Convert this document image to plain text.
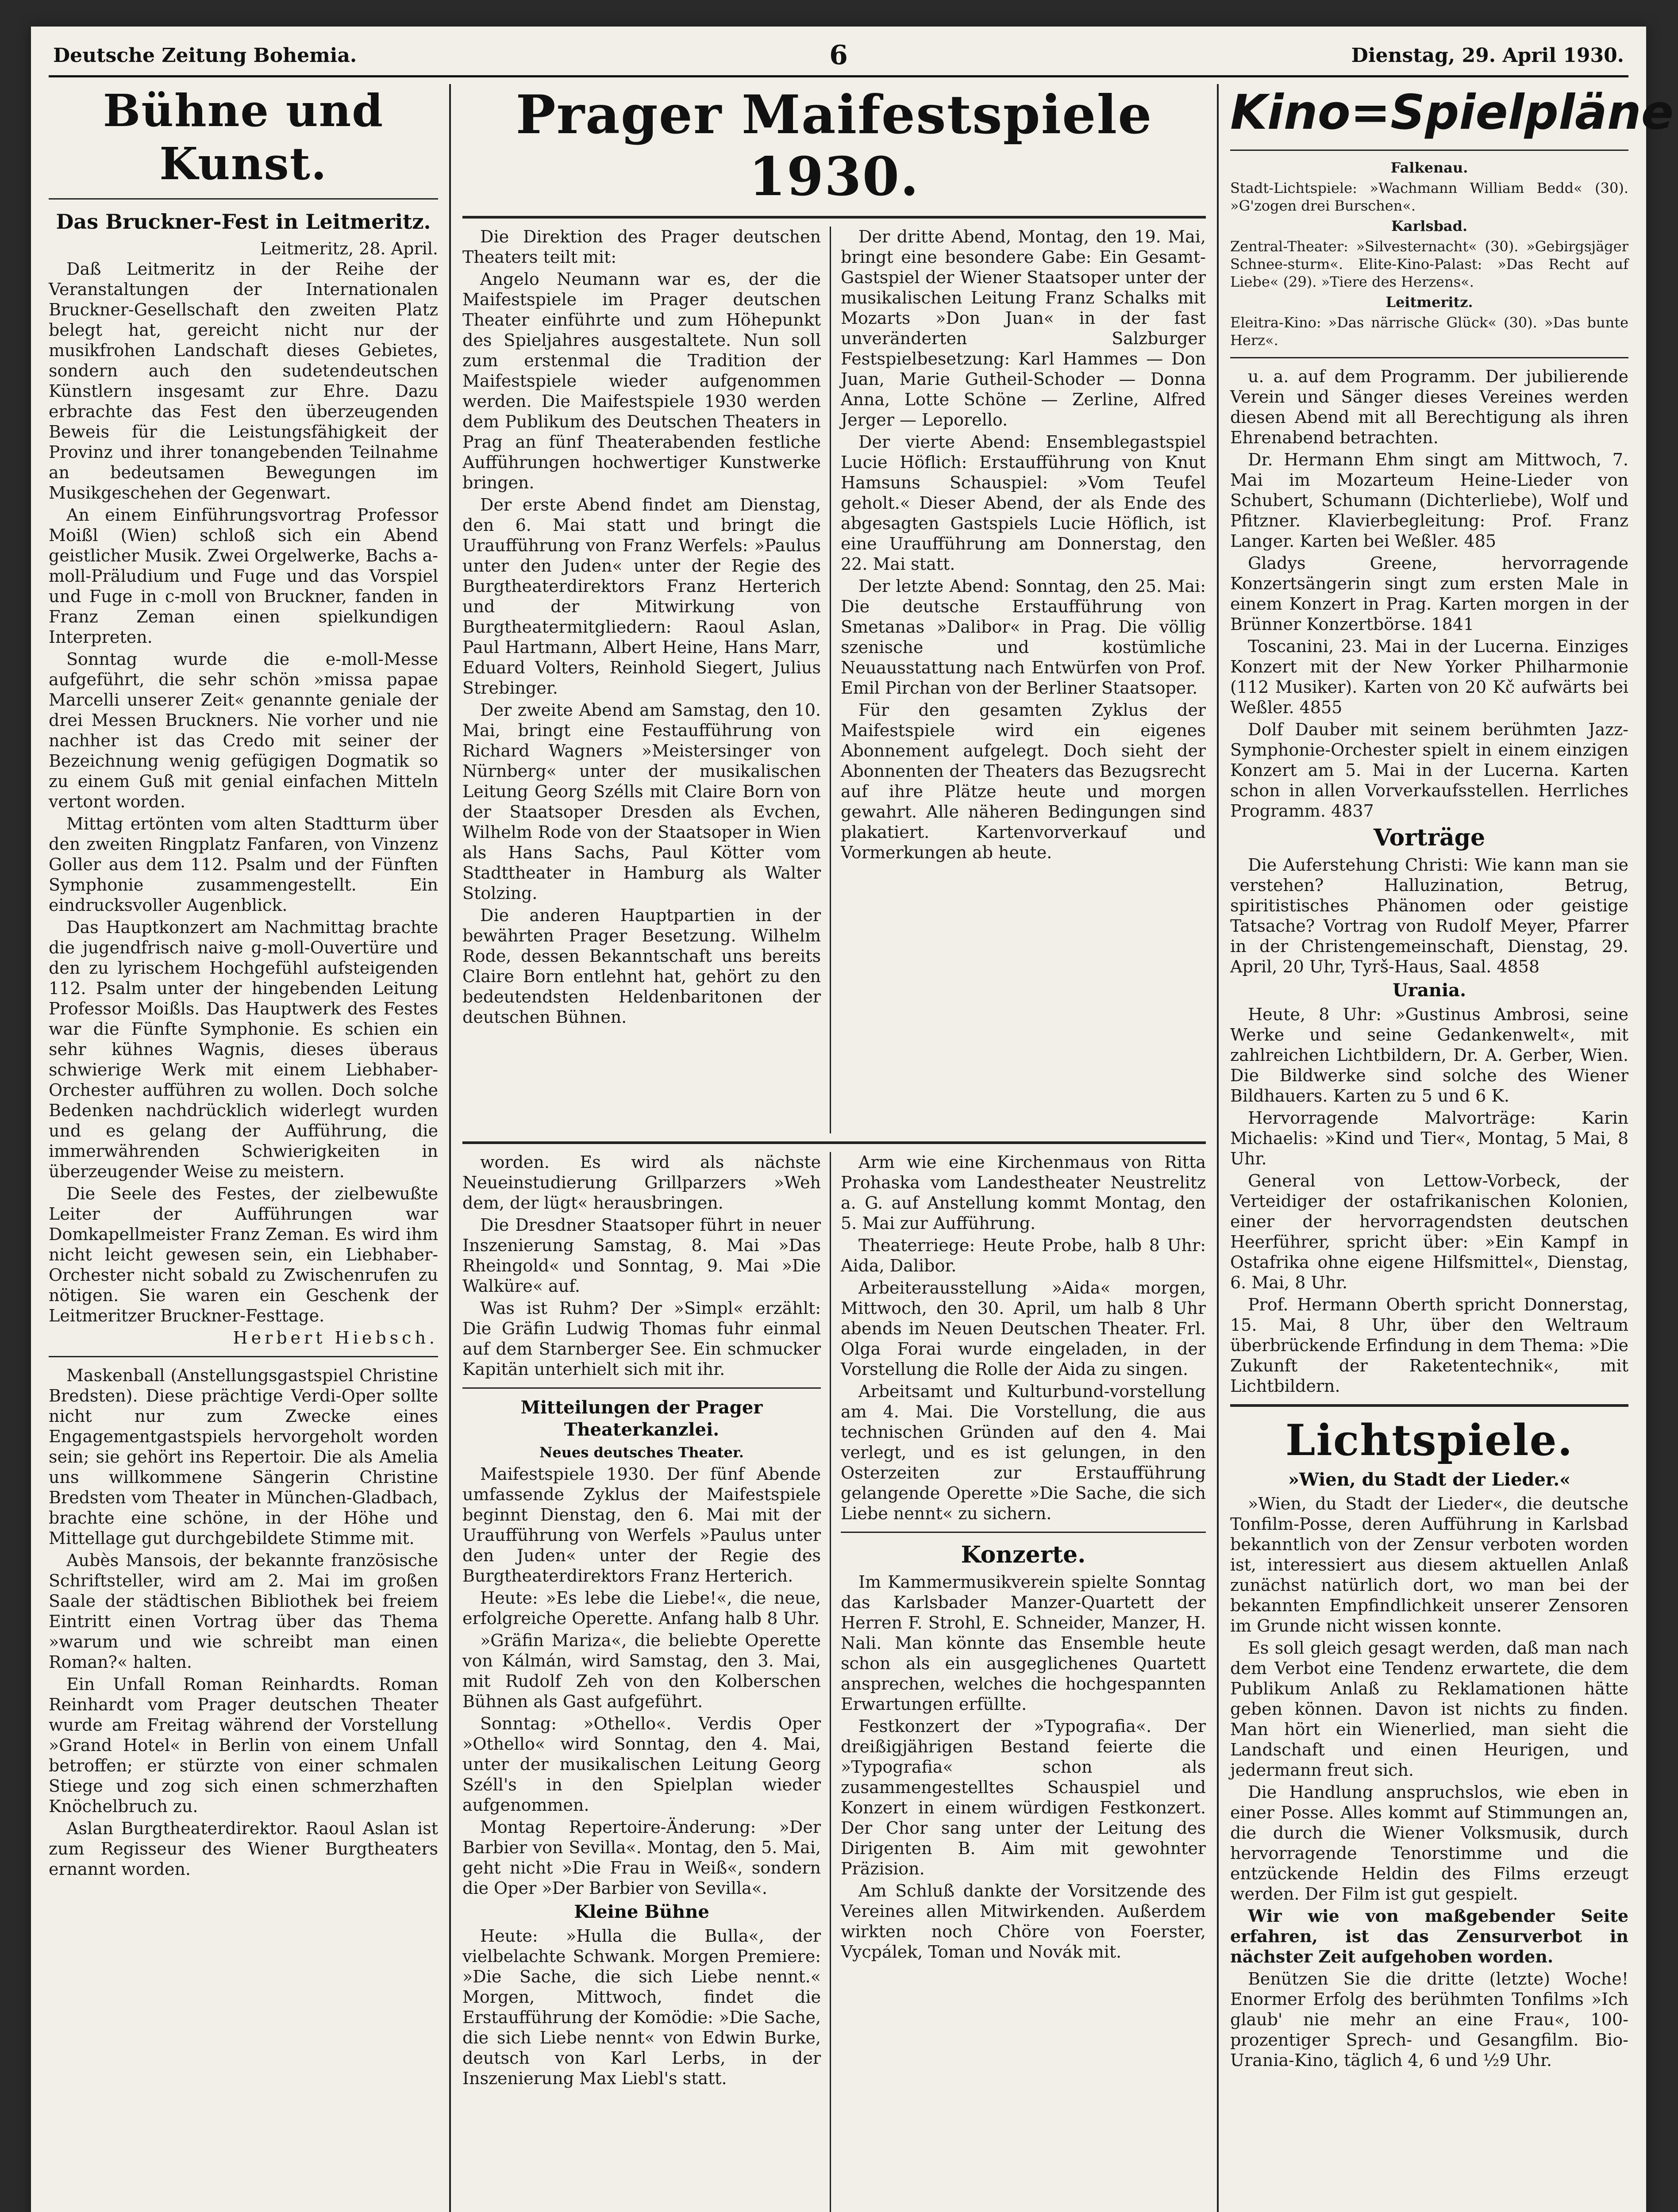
Deutsche Zeitung Bohemia.	6	Dienstag, 29. April 1930.
Bühne und Kunst.
Das Bruckner-Fest in Leitmeritz.
Leitmeritz, 28. April.

Daß Leitmeritz in der Reihe der Veranstaltungen der Internationalen Bruckner-Gesellschaft den zweiten Platz belegt hat, gereicht nicht nur der musikfrohen Landschaft dieses Gebietes, sondern auch den sudetendeutschen Künstlern insgesamt zur Ehre. Dazu erbrachte das Fest den überzeugenden Beweis für die Leistungsfähigkeit der Provinz und ihrer tonangebenden Teilnahme an bedeutsamen Bewegungen im Musikgeschehen der Gegenwart.

An einem Einführungsvortrag Professor Moißl (Wien) schloß sich ein Abend geistlicher Musik. Zwei Orgelwerke, Bachs a-moll-Präludium und Fuge und das Vorspiel und Fuge in c-moll von Bruckner, fanden in Franz Zeman einen spielkundigen Interpreten.

Sonntag wurde die e-moll-Messe aufgeführt, die sehr schön »missa papae Marcelli unserer Zeit« genannte geniale der drei Messen Bruckners. Nie vorher und nie nachher ist das Credo mit seiner der Bezeichnung wenig gefügigen Dogmatik so zu einem Guß mit genial einfachen Mitteln vertont worden.

Mittag ertönten vom alten Stadtturm über den zweiten Ringplatz Fanfaren, von Vinzenz Goller aus dem 112. Psalm und der Fünften Symphonie zusammengestellt. Ein eindrucksvoller Augenblick.

Das Hauptkonzert am Nachmittag brachte die jugendfrisch naive g-moll-Ouvertüre und den zu lyrischem Hochgefühl aufsteigenden 112. Psalm unter der hingebenden Leitung Professor Moißls. Das Hauptwerk des Festes war die Fünfte Symphonie. Es schien ein sehr kühnes Wagnis, dieses überaus schwierige Werk mit einem Liebhaber-Orchester aufführen zu wollen. Doch solche Bedenken nachdrücklich widerlegt wurden und es gelang der Aufführung, die immerwährenden Schwierigkeiten in überzeugender Weise zu meistern.

Die Seele des Festes, der zielbewußte Leiter der Aufführungen war Domkapellmeister Franz Zeman. Es wird ihm nicht leicht gewesen sein, ein Liebhaber-Orchester nicht sobald zu Zwischenrufen zu nötigen. Sie waren ein Geschenk der Leitmeritzer Bruckner-Festtage.

Herbert Hiebsch.

Maskenball (Anstellungsgastspiel Christine Bredsten). Diese prächtige Verdi-Oper sollte nicht nur zum Zwecke eines Engagementgastspiels hervorgeholt worden sein; sie gehört ins Repertoir. Die als Amelia uns willkommene Sängerin Christine Bredsten vom Theater in München-Gladbach, brachte eine schöne, in der Höhe und Mittellage gut durchgebildete Stimme mit.

Aubès Mansois, der bekannte französische Schriftsteller, wird am 2. Mai im großen Saale der städtischen Bibliothek bei freiem Eintritt einen Vortrag über das Thema »warum und wie schreibt man einen Roman?« halten.

Ein Unfall Roman Reinhardts. Roman Reinhardt vom Prager deutschen Theater wurde am Freitag während der Vorstellung »Grand Hotel« in Berlin von einem Unfall betroffen; er stürzte von einer schmalen Stiege und zog sich einen schmerzhaften Knöchelbruch zu.

Aslan Burgtheaterdirektor. Raoul Aslan ist zum Regisseur des Wiener Burgtheaters ernannt worden.

Prager Maifestspiele 1930.

Die Direktion des Prager deutschen Theaters teilt mit:

Angelo Neumann war es, der die Maifestspiele im Prager deutschen Theater einführte und zum Höhepunkt des Spieljahres ausgestaltete. Nun soll zum erstenmal die Tradition der Maifestspiele wieder aufgenommen werden. Die Maifestspiele 1930 werden dem Publikum des Deutschen Theaters in Prag an fünf Theaterabenden festliche Aufführungen hochwertiger Kunstwerke bringen.

Der erste Abend findet am Dienstag, den 6. Mai statt und bringt die Uraufführung von Franz Werfels: »Paulus unter den Juden« unter der Regie des Burgtheaterdirektors Franz Herterich und der Mitwirkung von Burgtheatermitgliedern: Raoul Aslan, Paul Hartmann, Albert Heine, Hans Marr, Eduard Volters, Reinhold Siegert, Julius Strebinger.

Der zweite Abend am Samstag, den 10. Mai, bringt eine Festaufführung von Richard Wagners »Meistersinger von Nürnberg« unter der musikalischen Leitung Georg Szélls mit Claire Born von der Staatsoper Dresden als Evchen, Wilhelm Rode von der Staatsoper in Wien als Hans Sachs, Paul Kötter vom Stadttheater in Hamburg als Walter Stolzing.

Die anderen Hauptpartien in der bewährten Prager Besetzung. Wilhelm Rode, dessen Bekanntschaft uns bereits Claire Born entlehnt hat, gehört zu den bedeutendsten Heldenbaritonen der deutschen Bühnen.

Der dritte Abend, Montag, den 19. Mai, bringt eine besondere Gabe: Ein Gesamt-Gastspiel der Wiener Staatsoper unter der musikalischen Leitung Franz Schalks mit Mozarts »Don Juan« in der fast unveränderten Salzburger Festspielbesetzung: Karl Hammes — Don Juan, Marie Gutheil-Schoder — Donna Anna, Lotte Schöne — Zerline, Alfred Jerger — Leporello.

Der vierte Abend: Ensemblegastspiel Lucie Höflich: Erstaufführung von Knut Hamsuns Schauspiel: »Vom Teufel geholt.« Dieser Abend, der als Ende des abgesagten Gastspiels Lucie Höflich, ist eine Uraufführung am Donnerstag, den 22. Mai statt.

Der letzte Abend: Sonntag, den 25. Mai: Die deutsche Erstaufführung von Smetanas »Dalibor« in Prag. Die völlig szenische und kostümliche Neuausstattung nach Entwürfen von Prof. Emil Pirchan von der Berliner Staatsoper.

Für den gesamten Zyklus der Maifestspiele wird ein eigenes Abonnement aufgelegt. Doch sieht der Abonnenten der Theaters das Bezugsrecht auf ihre Plätze heute und morgen gewahrt. Alle näheren Bedingungen sind plakatiert. Kartenvorverkauf und Vormerkungen ab heute.

worden. Es wird als nächste Neueinstudierung Grillparzers »Weh dem, der lügt« herausbringen.

Die Dresdner Staatsoper führt in neuer Inszenierung Samstag, 8. Mai »Das Rheingold« und Sonntag, 9. Mai »Die Walküre« auf.

Was ist Ruhm? Der »Simpl« erzählt: Die Gräfin Ludwig Thomas fuhr einmal auf dem Starnberger See. Ein schmucker Kapitän unterhielt sich mit ihr.

Mitteilungen der Prager Theaterkanzlei.
Neues deutsches Theater.

Maifestspiele 1930. Der fünf Abende umfassende Zyklus der Maifestspiele beginnt Dienstag, den 6. Mai mit der Uraufführung von Werfels »Paulus unter den Juden« unter der Regie des Burgtheaterdirektors Franz Herterich.

Heute: »Es lebe die Liebe!«, die neue, erfolgreiche Operette. Anfang halb 8 Uhr.

»Gräfin Mariza«, die beliebte Operette von Kálmán, wird Samstag, den 3. Mai, mit Rudolf Zeh von den Kolberschen Bühnen als Gast aufgeführt.

Sonntag: »Othello«. Verdis Oper »Othello« wird Sonntag, den 4. Mai, unter der musikalischen Leitung Georg Széll's in den Spielplan wieder aufgenommen.

Montag Repertoire-Änderung: »Der Barbier von Sevilla«. Montag, den 5. Mai, geht nicht »Die Frau in Weiß«, sondern die Oper »Der Barbier von Sevilla«.

Kleine Bühne

Heute: »Hulla die Bulla«, der vielbelachte Schwank. Morgen Premiere: »Die Sache, die sich Liebe nennt.« Morgen, Mittwoch, findet die Erstaufführung der Komödie: »Die Sache, die sich Liebe nennt« von Edwin Burke, deutsch von Karl Lerbs, in der Inszenierung Max Liebl's statt.

Arm wie eine Kirchenmaus von Ritta Prohaska vom Landestheater Neustrelitz a. G. auf Anstellung kommt Montag, den 5. Mai zur Aufführung.

Theaterriege: Heute Probe, halb 8 Uhr: Aida, Dalibor.

Arbeiterausstellung »Aida« morgen, Mittwoch, den 30. April, um halb 8 Uhr abends im Neuen Deutschen Theater. Frl. Olga Forai wurde eingeladen, in der Vorstellung die Rolle der Aida zu singen.

Arbeitsamt und Kulturbund-vorstellung am 4. Mai. Die Vorstellung, die aus technischen Gründen auf den 4. Mai verlegt, und es ist gelungen, in den Osterzeiten zur Erstaufführung gelangende Operette »Die Sache, die sich Liebe nennt« zu sichern.

Konzerte.

Im Kammermusikverein spielte Sonntag das Karlsbader Manzer-Quartett der Herren F. Strohl, E. Schneider, Manzer, H. Nali. Man könnte das Ensemble heute schon als ein ausgeglichenes Quartett ansprechen, welches die hochgespannten Erwartungen erfüllte.

Festkonzert der »Typografia«. Der dreißigjährigen Bestand feierte die »Typografia« schon als zusammengestelltes Schauspiel und Konzert in einem würdigen Festkonzert. Der Chor sang unter der Leitung des Dirigenten B. Aim mit gewohnter Präzision.

Am Schluß dankte der Vorsitzende des Vereines allen Mitwirkenden. Außerdem wirkten noch Chöre von Foerster, Vycpálek, Toman und Novák mit.

Kino=Spielpläne
Falkenau.

Stadt-Lichtspiele: »Wachmann William Bedd« (30). »G'zogen drei Burschen«.

Karlsbad.

Zentral-Theater: »Silvesternacht« (30). »Gebirgsjäger Schnee-sturm«. Elite-Kino-Palast: »Das Recht auf Liebe« (29). »Tiere des Herzens«.

Leitmeritz.

Eleitra-Kino: »Das närrische Glück« (30). »Das bunte Herz«.

u. a. auf dem Programm. Der jubilierende Verein und Sänger dieses Vereines werden diesen Abend mit all Berechtigung als ihren Ehrenabend betrachten.

Dr. Hermann Ehm singt am Mittwoch, 7. Mai im Mozarteum Heine-Lieder von Schubert, Schumann (Dichterliebe), Wolf und Pfitzner. Klavierbegleitung: Prof. Franz Langer. Karten bei Weßler. 485

Gladys Greene, hervorragende Konzertsängerin singt zum ersten Male in einem Konzert in Prag. Karten morgen in der Brünner Konzertbörse. 1841

Toscanini, 23. Mai in der Lucerna. Einziges Konzert mit der New Yorker Philharmonie (112 Musiker). Karten von 20 Kč aufwärts bei Weßler. 4855

Dolf Dauber mit seinem berühmten Jazz-Symphonie-Orchester spielt in einem einzigen Konzert am 5. Mai in der Lucerna. Karten schon in allen Vorverkaufsstellen. Herrliches Programm. 4837

Vorträge

Die Auferstehung Christi: Wie kann man sie verstehen? Halluzination, Betrug, spiritistisches Phänomen oder geistige Tatsache? Vortrag von Rudolf Meyer, Pfarrer in der Christengemeinschaft, Dienstag, 29. April, 20 Uhr, Tyrš-Haus, Saal. 4858

Urania.

Heute, 8 Uhr: »Gustinus Ambrosi, seine Werke und seine Gedankenwelt«, mit zahlreichen Lichtbildern, Dr. A. Gerber, Wien. Die Bildwerke sind solche des Wiener Bildhauers. Karten zu 5 und 6 K.

Hervorragende Malvorträge: Karin Michaelis: »Kind und Tier«, Montag, 5 Mai, 8 Uhr.

General von Lettow-Vorbeck, der Verteidiger der ostafrikanischen Kolonien, einer der hervorragendsten deutschen Heerführer, spricht über: »Ein Kampf in Ostafrika ohne eigene Hilfsmittel«, Dienstag, 6. Mai, 8 Uhr.

Prof. Hermann Oberth spricht Donnerstag, 15. Mai, 8 Uhr, über den Weltraum überbrückende Erfindung in dem Thema: »Die Zukunft der Raketentechnik«, mit Lichtbildern.

Lichtspiele.
»Wien, du Stadt der Lieder.«

»Wien, du Stadt der Lieder«, die deutsche Tonfilm-Posse, deren Aufführung in Karlsbad bekanntlich von der Zensur verboten worden ist, interessiert aus diesem aktuellen Anlaß zunächst natürlich dort, wo man bei der bekannten Empfindlichkeit unserer Zensoren im Grunde nicht wissen konnte.

Es soll gleich gesagt werden, daß man nach dem Verbot eine Tendenz erwartete, die dem Publikum Anlaß zu Reklamationen hätte geben können. Davon ist nichts zu finden. Man hört ein Wienerlied, man sieht die Landschaft und einen Heurigen, und jedermann freut sich.

Die Handlung anspruchslos, wie eben in einer Posse. Alles kommt auf Stimmungen an, die durch die Wiener Volksmusik, durch hervorragende Tenorstimme und die entzückende Heldin des Films erzeugt werden. Der Film ist gut gespielt.

Wir wie von maßgebender Seite erfahren, ist das Zensurverbot in nächster Zeit aufgehoben worden.

Benützen Sie die dritte (letzte) Woche! Enormer Erfolg des berühmten Tonfilms »Ich glaub' nie mehr an eine Frau«, 100-prozentiger Sprech- und Gesangfilm. Bio-Urania-Kino, täglich 4, 6 und ½9 Uhr.
